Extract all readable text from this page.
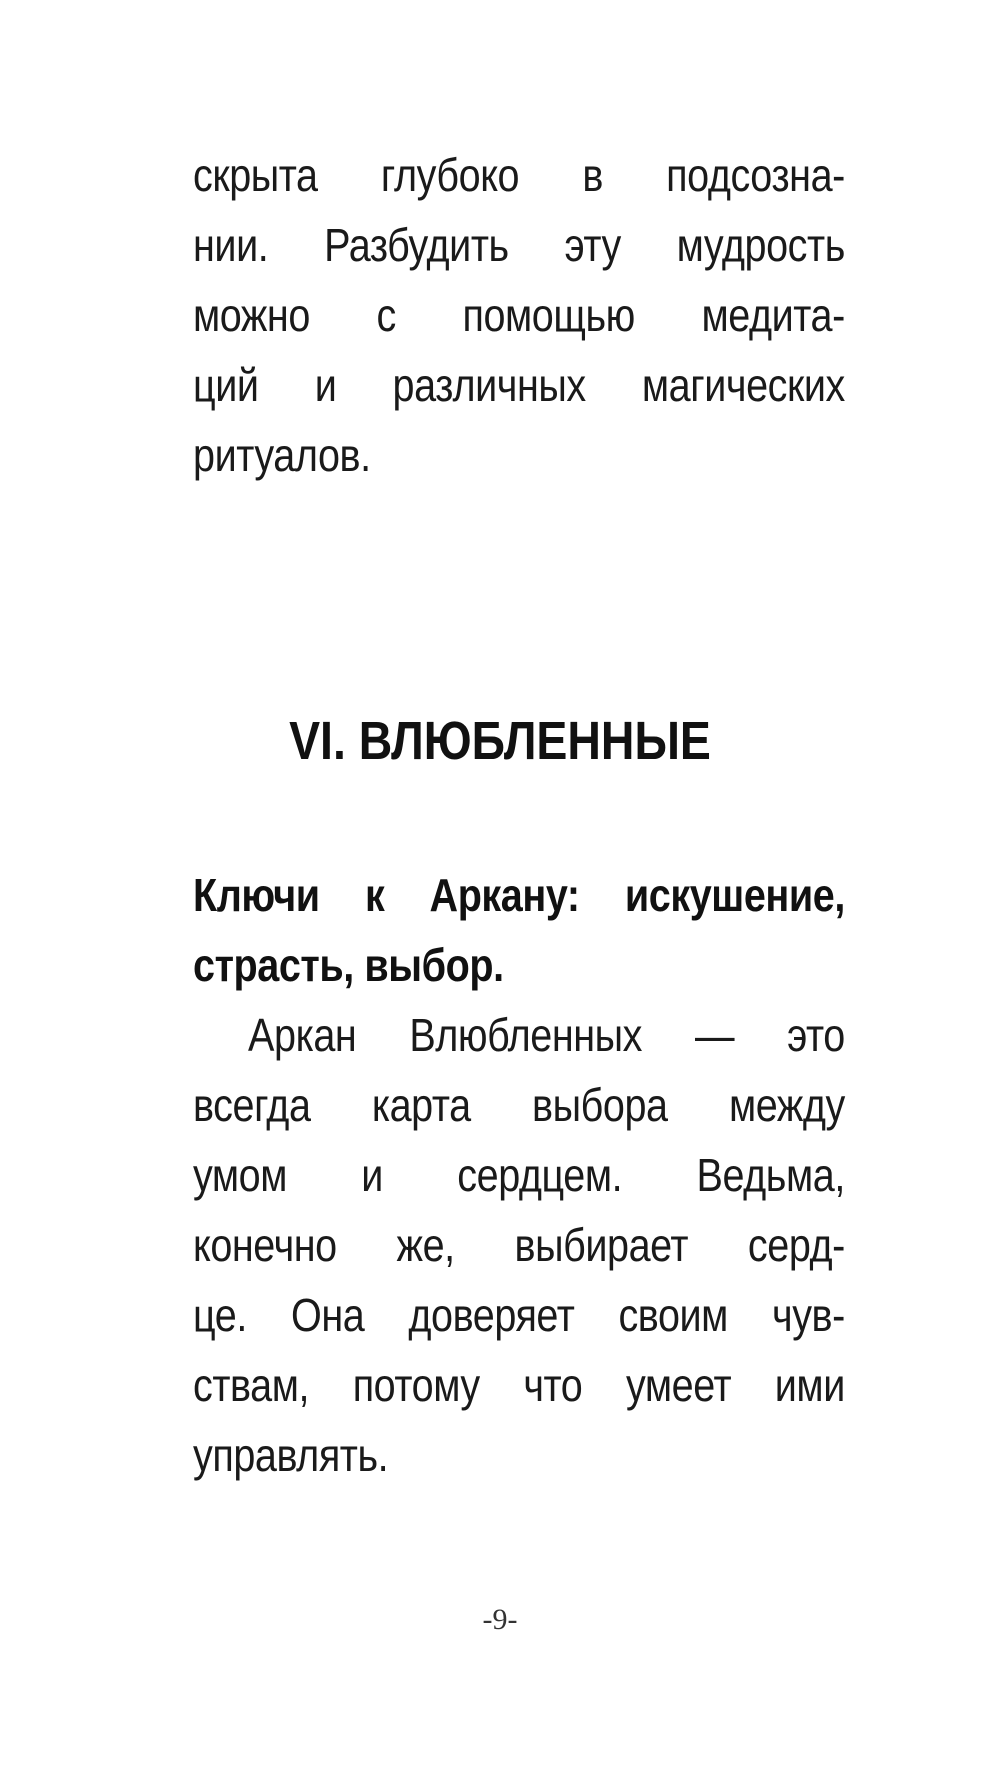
скрыта глубоко в подсозна-
нии. Разбудить эту мудрость
можно с помощью медита-
ций и различных магических
ритуалов.
VI. ВЛЮБЛЕННЫЕ
Ключи к Аркану: искушение,
страсть, выбор.
Аркан Влюбленных — это
всегда карта выбора между
умом и сердцем. Ведьма,
конечно же, выбирает серд-
це. Она доверяет своим чув-
ствам, потому что умеет ими
управлять.
-9-
